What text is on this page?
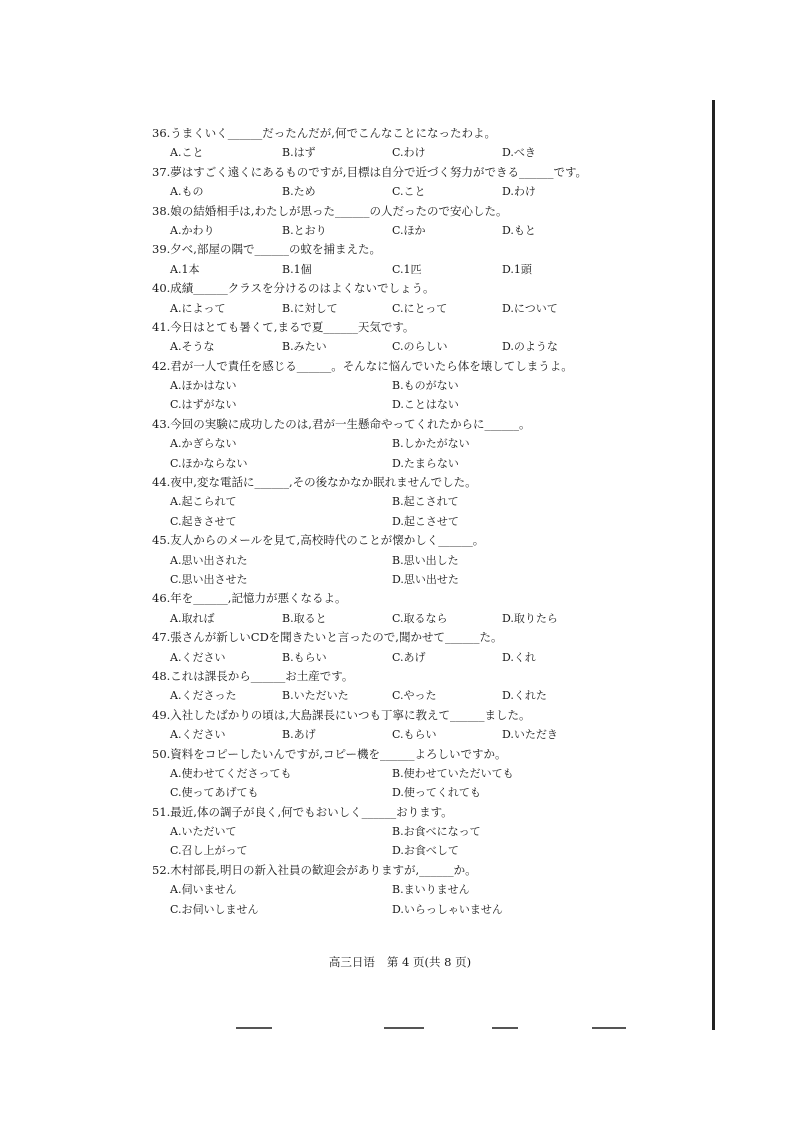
36.うまくいく______だったんだが,何でこんなことになったわよ。
A.こと	B.はず	C.わけ	D.べき
37.夢はすごく遠くにあるものですが,目標は自分で近づく努力ができる______です。
A.もの	B.ため	C.こと	D.わけ
38.娘の結婚相手は,わたしが思った______の人だったので安心した。
A.かわり	B.とおり	C.ほか	D.もと
39.夕べ,部屋の隅で______の蚊を捕まえた。
A.1本	B.1個	C.1匹	D.1頭
40.成績______クラスを分けるのはよくないでしょう。
A.によって	B.に対して	C.にとって	D.について
41.今日はとても暑くて,まるで夏______天気です。
A.そうな	B.みたい	C.のらしい	D.のような
42.君が一人で責任を感じる______。そんなに悩んでいたら体を壊してしまうよ。
A.ほかはない	B.ものがない
C.はずがない	D.ことはない
43.今回の実験に成功したのは,君が一生懸命やってくれたからに______。
A.かぎらない	B.しかたがない
C.ほかならない	D.たまらない
44.夜中,変な電話に______,その後なかなか眠れませんでした。
A.起こられて	B.起こされて
C.起きさせて	D.起こさせて
45.友人からのメールを見て,高校時代のことが懐かしく______。
A.思い出された	B.思い出した
C.思い出させた	D.思い出せた
46.年を______,記憶力が悪くなるよ。
A.取れば	B.取ると	C.取るなら	D.取りたら
47.張さんが新しいCDを聞きたいと言ったので,聞かせて______た。
A.ください	B.もらい	C.あげ	D.くれ
48.これは課長から______お土産です。
A.くださった	B.いただいた	C.やった	D.くれた
49.入社したばかりの頃は,大島課長にいつも丁寧に教えて______ました。
A.ください	B.あげ	C.もらい	D.いただき
50.資料をコピーしたいんですが,コピー機を______よろしいですか。
A.使わせてくださっても	B.使わせていただいても
C.使ってあげても	D.使ってくれても
51.最近,体の調子が良く,何でもおいしく______おります。
A.いただいて	B.お食べになって
C.召し上がって	D.お食べして
52.木村部長,明日の新入社員の歓迎会がありますが,______か。
A.伺いません	B.まいりません
C.お伺いしません	D.いらっしゃいません
高三日语 第 4 页(共 8 页)
